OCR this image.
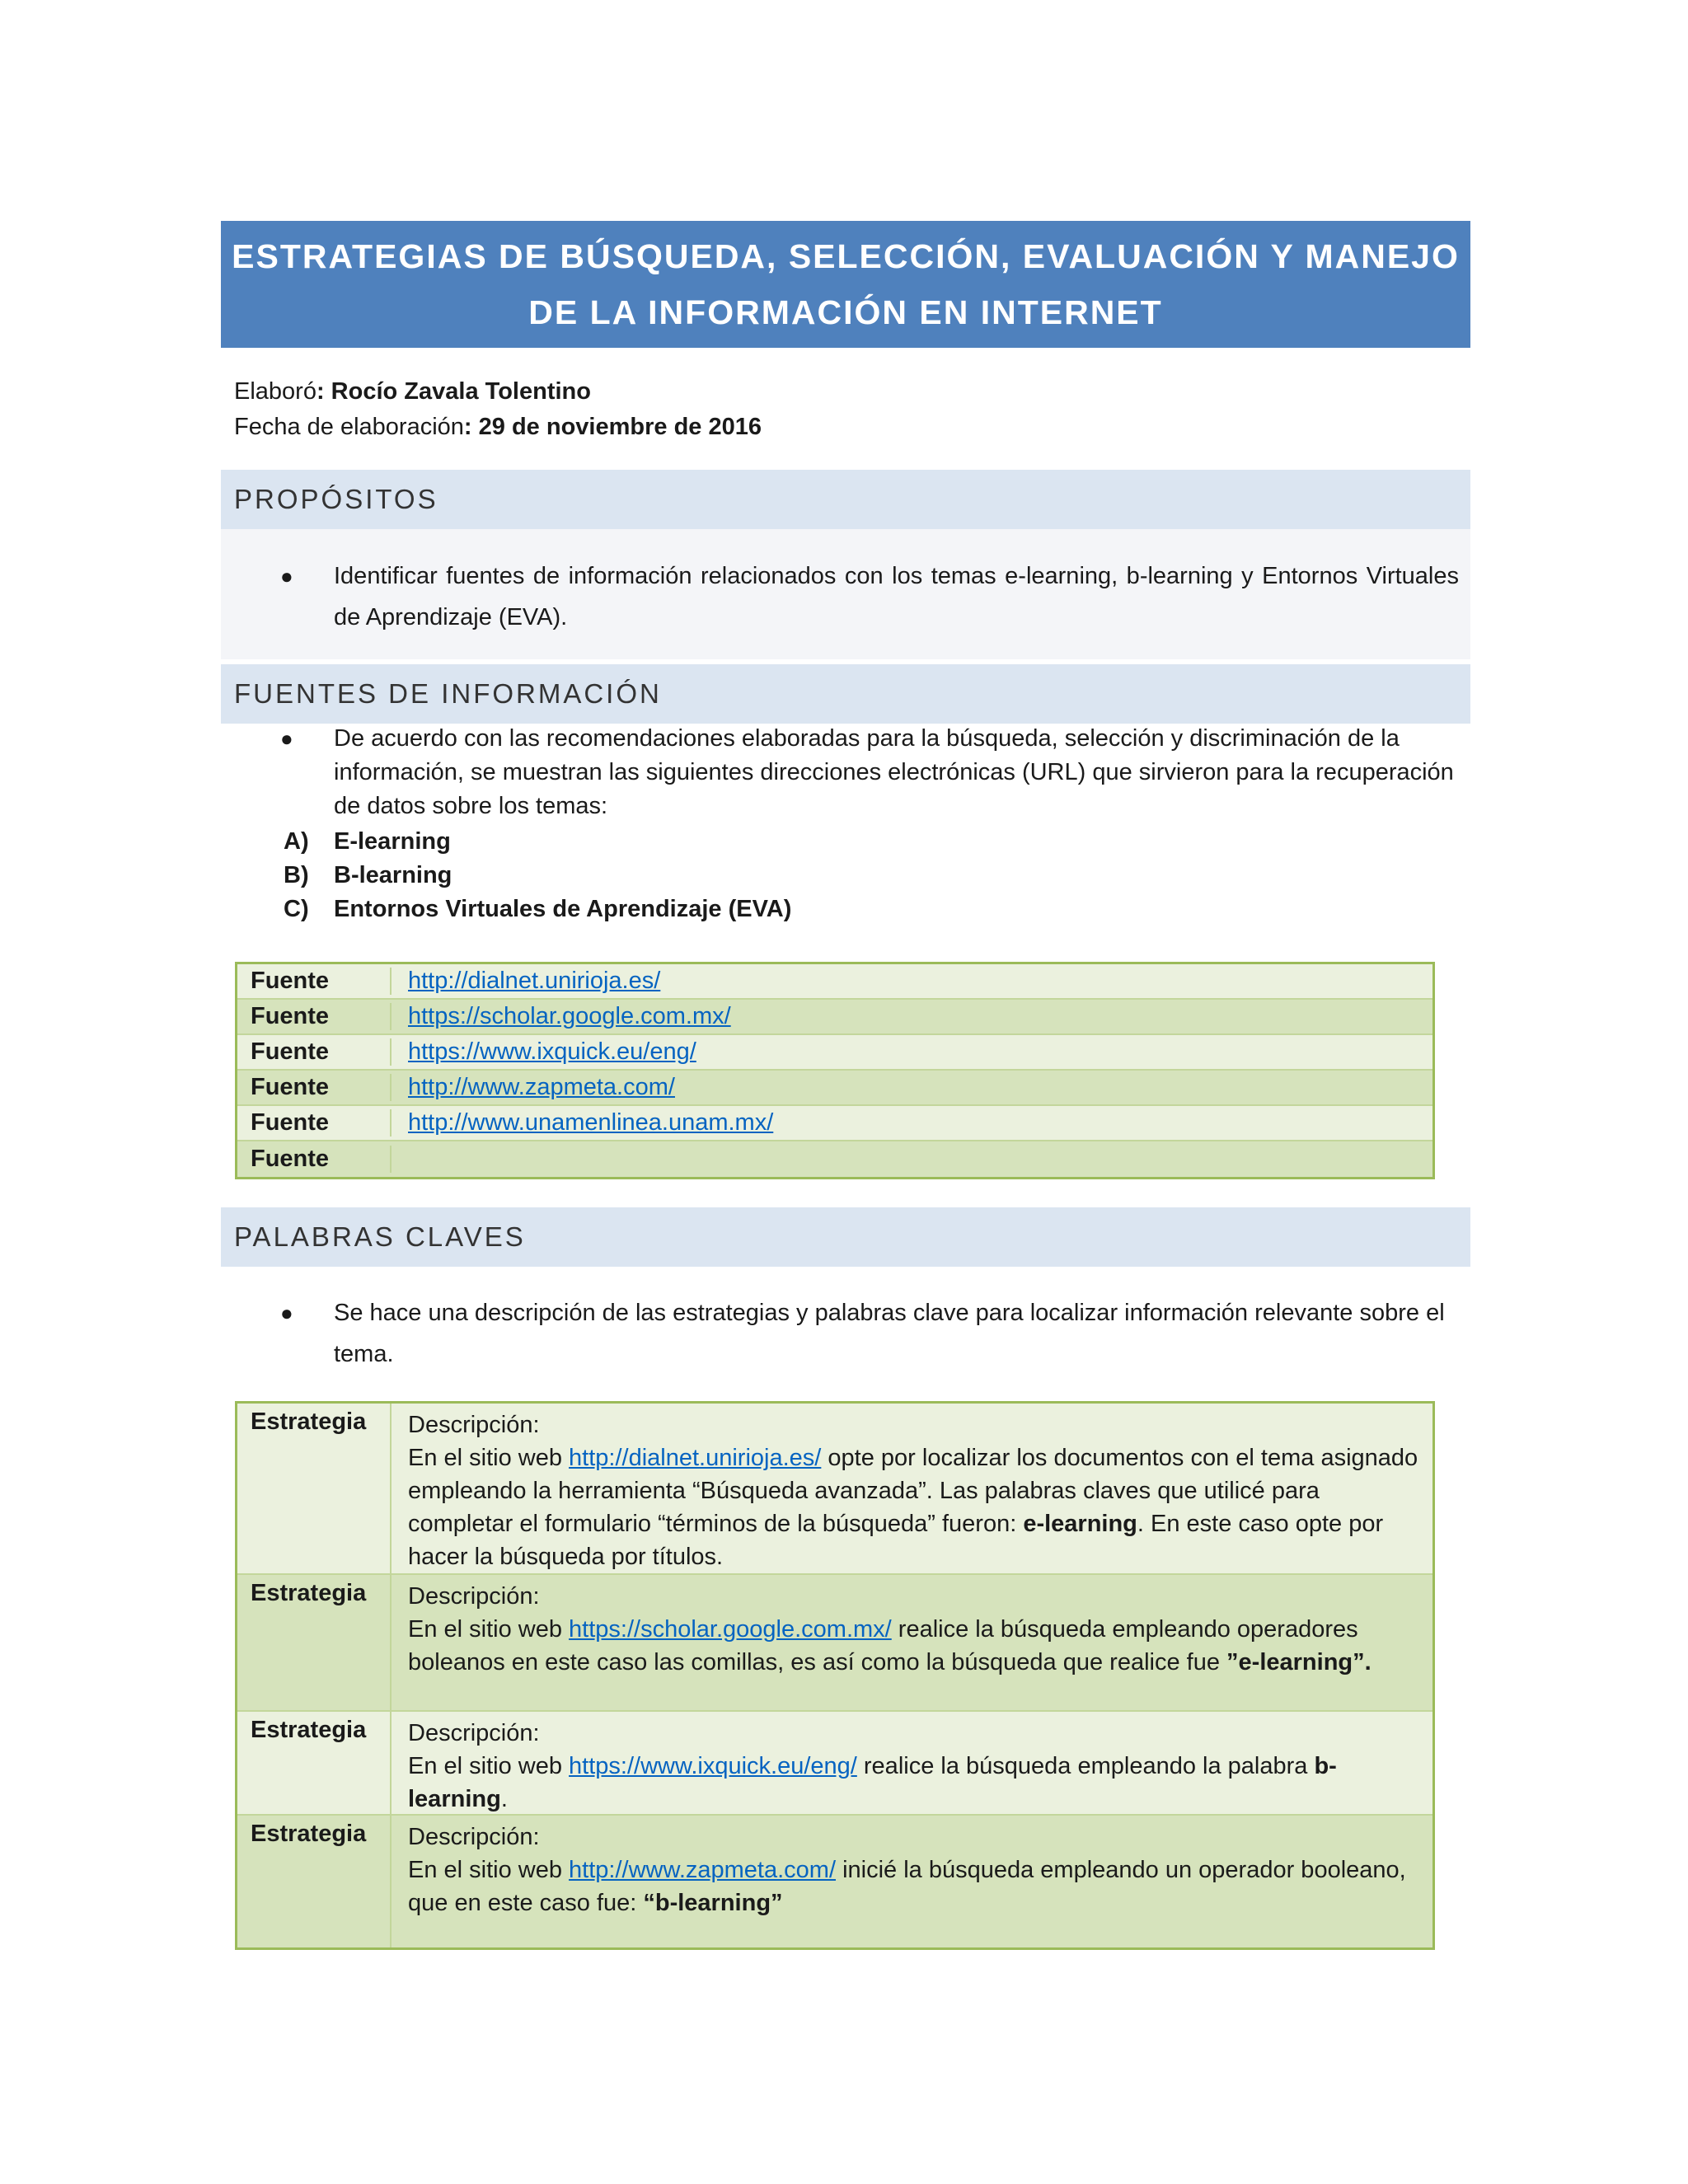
ESTRATEGIAS DE BÚSQUEDA, SELECCIÓN, EVALUACIÓN Y MANEJO
DE LA INFORMACIÓN EN INTERNET
Elaboró: Rocío Zavala Tolentino
Fecha de elaboración: 29 de noviembre de 2016
PROPÓSITOS
● Identificar fuentes de información relacionados con los temas e-learning, b-learning y Entornos Virtuales de Aprendizaje (EVA).
FUENTES DE INFORMACIÓN
● De acuerdo con las recomendaciones elaboradas para la búsqueda, selección y discriminación de la información, se muestran las siguientes direcciones electrónicas (URL) que sirvieron para la recuperación de datos sobre los temas:
A) E-learning
B) B-learning
C) Entornos Virtuales de Aprendizaje (EVA)
Fuente	http://dialnet.unirioja.es/
Fuente	https://scholar.google.com.mx/
Fuente	https://www.ixquick.eu/eng/
Fuente	http://www.zapmeta.com/
Fuente	http://www.unamenlinea.unam.mx/
Fuente
PALABRAS CLAVES
● Se hace una descripción de las estrategias y palabras clave para localizar información relevante sobre el tema.
Estrategia	Descripción:
En el sitio web http://dialnet.unirioja.es/ opte por localizar los documentos con el tema asignado empleando la herramienta “Búsqueda avanzada”. Las palabras claves que utilicé para completar el formulario “términos de la búsqueda” fueron: e-learning. En este caso opte por hacer la búsqueda por títulos.
Estrategia	Descripción:
En el sitio web https://scholar.google.com.mx/ realice la búsqueda empleando operadores boleanos en este caso las comillas, es así como la búsqueda que realice fue ”e-learning”.
Estrategia	Descripción:
En el sitio web https://www.ixquick.eu/eng/ realice la búsqueda empleando la palabra b-learning.
Estrategia	Descripción:
En el sitio web http://www.zapmeta.com/ inicié la búsqueda empleando un operador booleano, que en este caso fue: “b-learning”
